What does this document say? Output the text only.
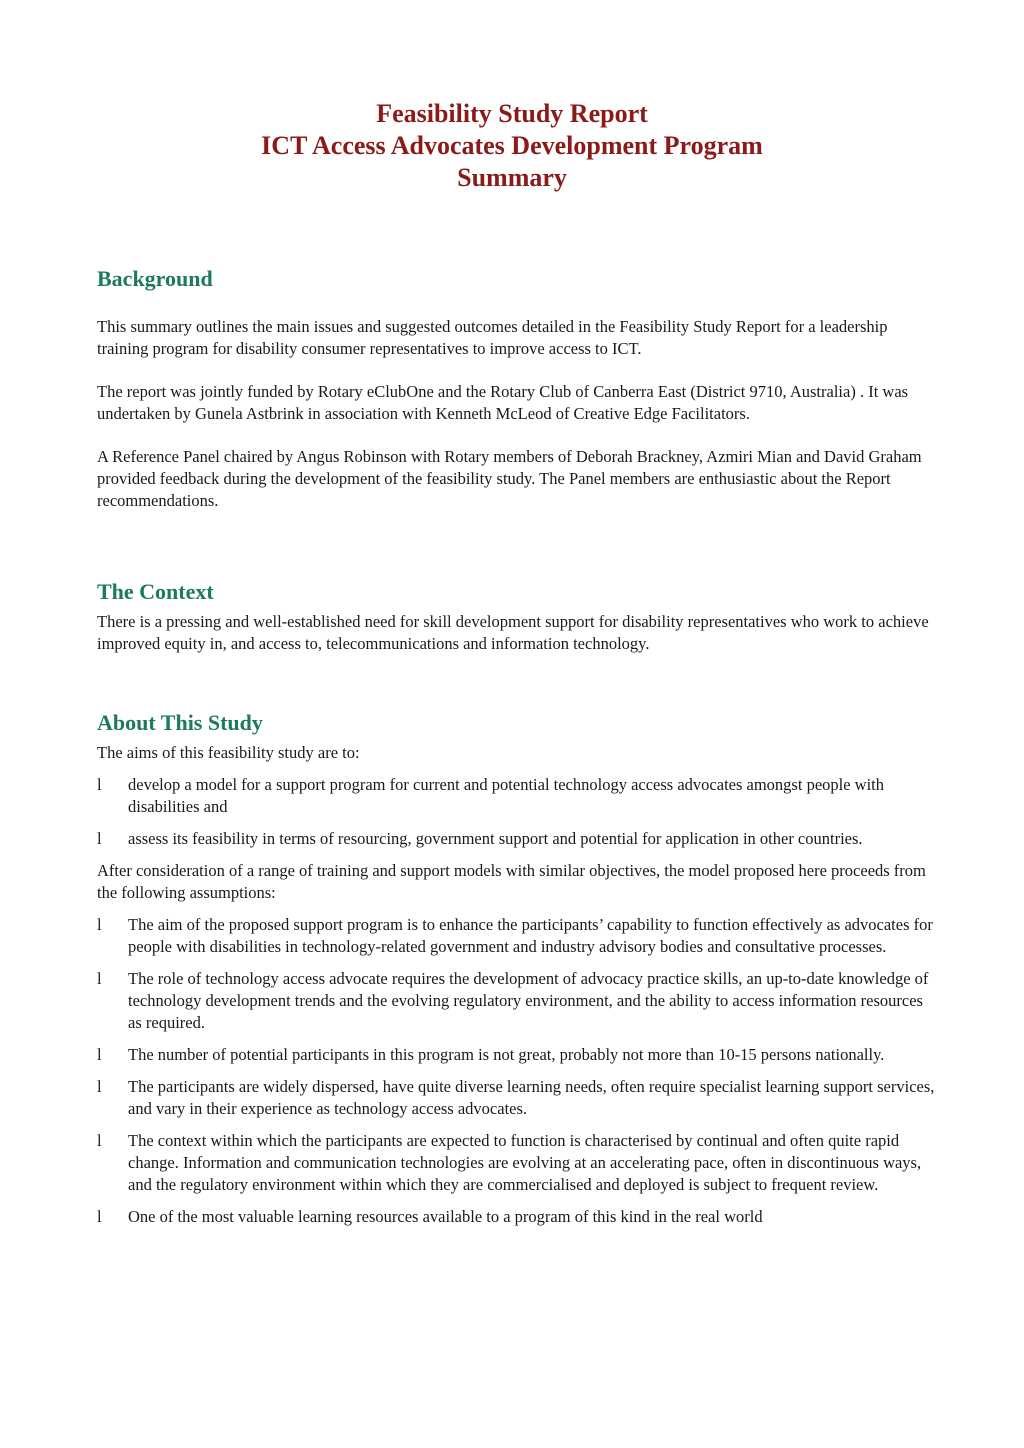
Feasibility Study Report

ICT Access Advocates Development Program

Summary

Background

This summary outlines the main issues and suggested outcomes detailed in the Feasibility Study Report for a leadership training program for disability consumer representatives to improve access to ICT.

The report was jointly funded by Rotary eClubOne and the Rotary Club of Canberra East (District 9710, Australia) . It was undertaken by Gunela Astbrink in association with Kenneth McLeod of Creative Edge Facilitators.

A Reference Panel chaired by Angus Robinson with Rotary members of Deborah Brackney, Azmiri Mian and David Graham provided feedback during the development of the feasibility study. The Panel members are enthusiastic about the Report recommendations.

The Context

There is a pressing and well-established need for skill development support for disability representatives who work to achieve improved equity in, and access to, telecommunications and information technology.

About This Study

The aims of this feasibility study are to:

l develop a model for a support program for current and potential technology access advocates amongst people with disabilities and
l assess its feasibility in terms of resourcing, government support and potential for application in other countries.

After consideration of a range of training and support models with similar objectives, the model proposed here proceeds from the following assumptions:

l The aim of the proposed support program is to enhance the participants’ capability to function effectively as advocates for people with disabilities in technology-related government and industry advisory bodies and consultative processes.
l The role of technology access advocate requires the development of advocacy practice skills, an up-to-date knowledge of technology development trends and the evolving regulatory environment, and the ability to access information resources as required.
l The number of potential participants in this program is not great, probably not more than 10-15 persons nationally.
l The participants are widely dispersed, have quite diverse learning needs, often require specialist learning support services, and vary in their experience as technology access advocates.
l The context within which the participants are expected to function is characterised by continual and often quite rapid change. Information and communication technologies are evolving at an accelerating pace, often in discontinuous ways, and the regulatory environment within which they are commercialised and deployed is subject to frequent review.
l One of the most valuable learning resources available to a program of this kind in the real world
